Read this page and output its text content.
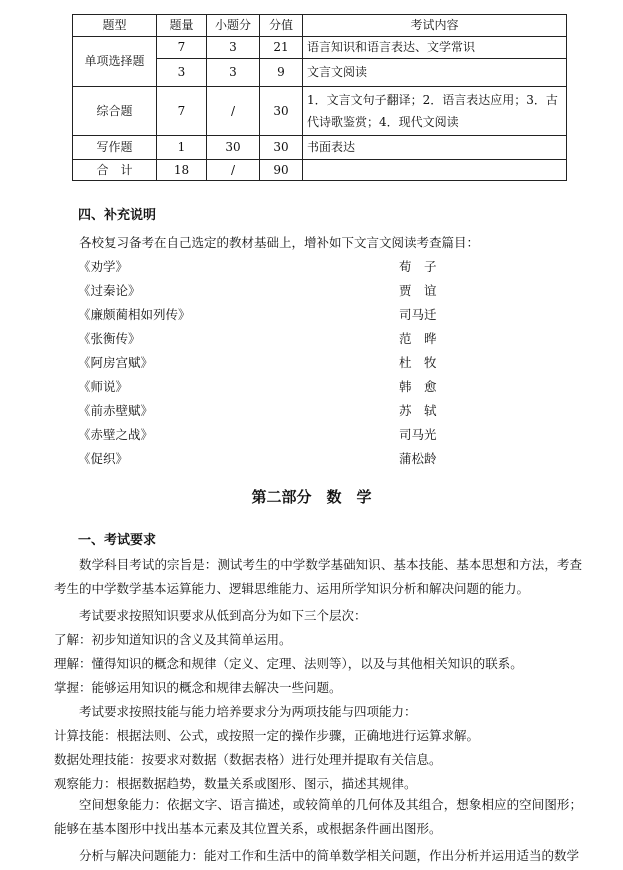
题型	题量	小题分	分值	考试内容
单项选择题	7	3	21	语言知识和语言表达、文学常识
	3	3	9	文言文阅读
综合题	7	/	30	1．文言文句子翻译；2．语言表达应用；3．古代诗歌鉴赏；4．现代文阅读
写作题	1	30	30	书面表达
合　计	18	/	90	
四、补充说明
各校复习备考在自己选定的教材基础上，增补如下文言文阅读考查篇目：
《劝学》	荀　子
《过秦论》	贾　谊
《廉颇蔺相如列传》	司马迁
《张衡传》	范　晔
《阿房宫赋》	杜　牧
《师说》	韩　愈
《前赤壁赋》	苏　轼
《赤壁之战》	司马光
《促织》	蒲松龄
第二部分　数　学
一、考试要求
数学科目考试的宗旨是：测试考生的中学数学基础知识、基本技能、基本思想和方法，考查考生的中学数学基本运算能力、逻辑思维能力、运用所学知识分析和解决问题的能力。
考试要求按照知识要求从低到高分为如下三个层次：
了解：初步知道知识的含义及其简单运用。
理解：懂得知识的概念和规律（定义、定理、法则等），以及与其他相关知识的联系。
掌握：能够运用知识的概念和规律去解决一些问题。
考试要求按照技能与能力培养要求分为两项技能与四项能力：
计算技能：根据法则、公式，或按照一定的操作步骤，正确地进行运算求解。
数据处理技能：按要求对数据（数据表格）进行处理并提取有关信息。
观察能力：根据数据趋势，数量关系或图形、图示，描述其规律。
空间想象能力：依据文字、语言描述，或较简单的几何体及其组合，想象相应的空间图形；能够在基本图形中找出基本元素及其位置关系，或根据条件画出图形。
分析与解决问题能力：能对工作和生活中的简单数学相关问题，作出分析并运用适当的数学
